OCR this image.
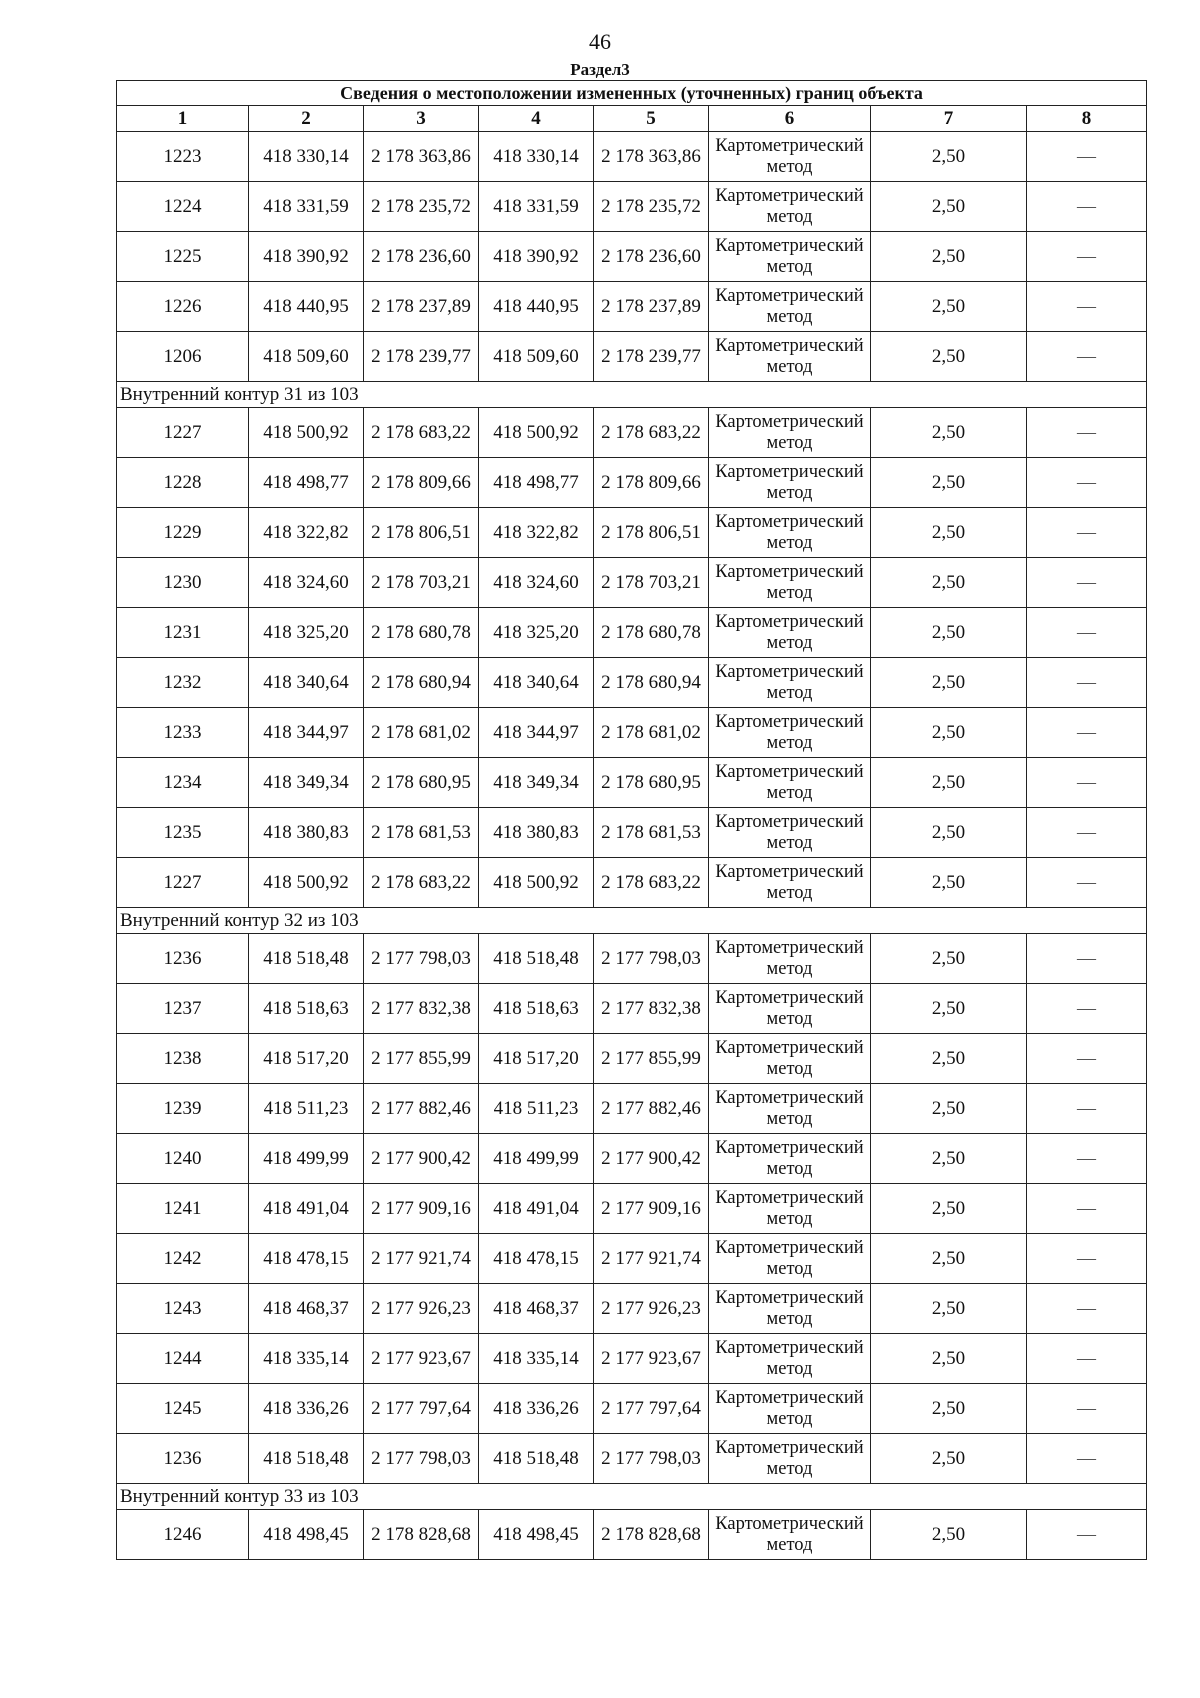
46
Раздел3
Сведения о местоположении измененных (уточненных) границ объекта							
1	2	3	4	5	6	7	8
1223	418 330,14	2 178 363,86	418 330,14	2 178 363,86	Картометрический метод	2,50	—
1224	418 331,59	2 178 235,72	418 331,59	2 178 235,72	Картометрический метод	2,50	—
1225	418 390,92	2 178 236,60	418 390,92	2 178 236,60	Картометрический метод	2,50	—
1226	418 440,95	2 178 237,89	418 440,95	2 178 237,89	Картометрический метод	2,50	—
1206	418 509,60	2 178 239,77	418 509,60	2 178 239,77	Картометрический метод	2,50	—
Внутренний контур 31 из 103							
1227	418 500,92	2 178 683,22	418 500,92	2 178 683,22	Картометрический метод	2,50	—
1228	418 498,77	2 178 809,66	418 498,77	2 178 809,66	Картометрический метод	2,50	—
1229	418 322,82	2 178 806,51	418 322,82	2 178 806,51	Картометрический метод	2,50	—
1230	418 324,60	2 178 703,21	418 324,60	2 178 703,21	Картометрический метод	2,50	—
1231	418 325,20	2 178 680,78	418 325,20	2 178 680,78	Картометрический метод	2,50	—
1232	418 340,64	2 178 680,94	418 340,64	2 178 680,94	Картометрический метод	2,50	—
1233	418 344,97	2 178 681,02	418 344,97	2 178 681,02	Картометрический метод	2,50	—
1234	418 349,34	2 178 680,95	418 349,34	2 178 680,95	Картометрический метод	2,50	—
1235	418 380,83	2 178 681,53	418 380,83	2 178 681,53	Картометрический метод	2,50	—
1227	418 500,92	2 178 683,22	418 500,92	2 178 683,22	Картометрический метод	2,50	—
Внутренний контур 32 из 103							
1236	418 518,48	2 177 798,03	418 518,48	2 177 798,03	Картометрический метод	2,50	—
1237	418 518,63	2 177 832,38	418 518,63	2 177 832,38	Картометрический метод	2,50	—
1238	418 517,20	2 177 855,99	418 517,20	2 177 855,99	Картометрический метод	2,50	—
1239	418 511,23	2 177 882,46	418 511,23	2 177 882,46	Картометрический метод	2,50	—
1240	418 499,99	2 177 900,42	418 499,99	2 177 900,42	Картометрический метод	2,50	—
1241	418 491,04	2 177 909,16	418 491,04	2 177 909,16	Картометрический метод	2,50	—
1242	418 478,15	2 177 921,74	418 478,15	2 177 921,74	Картометрический метод	2,50	—
1243	418 468,37	2 177 926,23	418 468,37	2 177 926,23	Картометрический метод	2,50	—
1244	418 335,14	2 177 923,67	418 335,14	2 177 923,67	Картометрический метод	2,50	—
1245	418 336,26	2 177 797,64	418 336,26	2 177 797,64	Картометрический метод	2,50	—
1236	418 518,48	2 177 798,03	418 518,48	2 177 798,03	Картометрический метод	2,50	—
Внутренний контур 33 из 103							
1246	418 498,45	2 178 828,68	418 498,45	2 178 828,68	Картометрический метод	2,50	—
